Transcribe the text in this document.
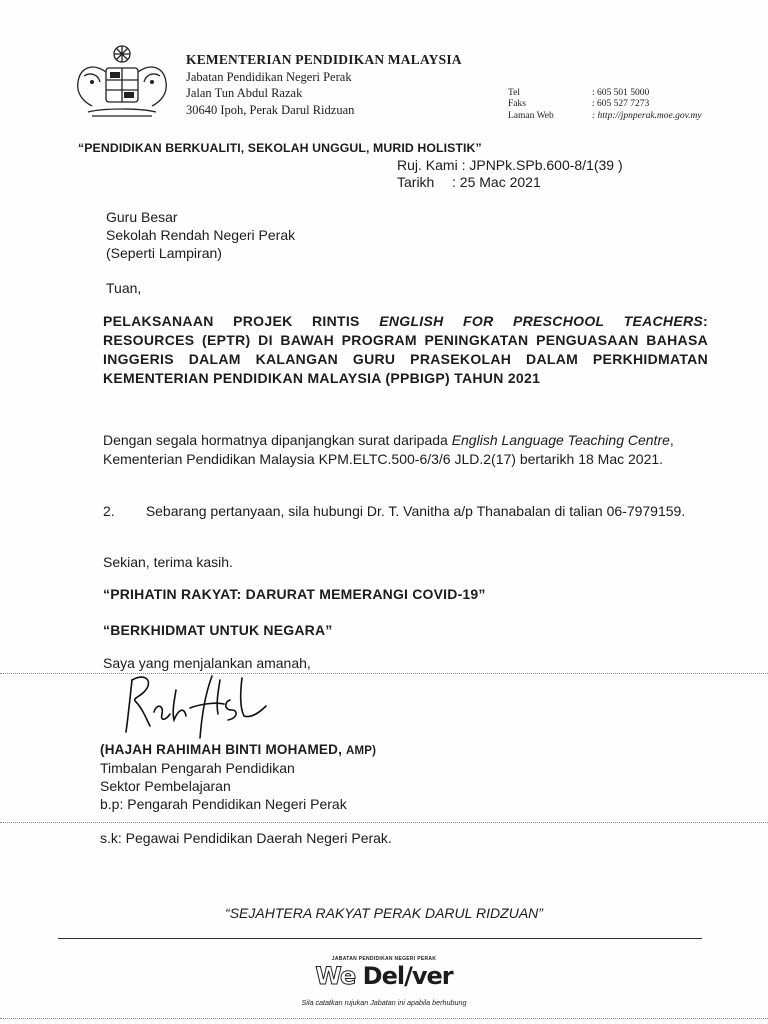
KEMENTERIAN PENDIDIKAN MALAYSIA
Jabatan Pendidikan Negeri Perak
Jalan Tun Abdul Razak
30640 Ipoh, Perak Darul Ridzuan
Tel	: 605 501 5000
Faks	: 605 527 7273
Laman Web	: http://jpnperak.moe.gov.my
“PENDIDIKAN BERKUALITI, SEKOLAH UNGGUL, MURID HOLISTIK”
Ruj. Kami : JPNPk.SPb.600-8/1(39 )
Tarikh : 25 Mac 2021
Guru Besar
Sekolah Rendah Negeri Perak
(Seperti Lampiran)
Tuan,
PELAKSANAAN PROJEK RINTIS ENGLISH FOR PRESCHOOL TEACHERS: RESOURCES (EPTR) DI BAWAH PROGRAM PENINGKATAN PENGUASAAN BAHASA INGGERIS DALAM KALANGAN GURU PRASEKOLAH DALAM PERKHIDMATAN KEMENTERIAN PENDIDIKAN MALAYSIA (PPBIGP) TAHUN 2021
Dengan segala hormatnya dipanjangkan surat daripada English Language Teaching Centre, Kementerian Pendidikan Malaysia KPM.ELTC.500-6/3/6 JLD.2(17) bertarikh 18 Mac 2021.
2. Sebarang pertanyaan, sila hubungi Dr. T. Vanitha a/p Thanabalan di talian 06-7979159.
Sekian, terima kasih.
“PRIHATIN RAKYAT: DARURAT MEMERANGI COVID-19”
“BERKHIDMAT UNTUK NEGARA”
Saya yang menjalankan amanah,
(HAJAH RAHIMAH BINTI MOHAMED, AMP)
Timbalan Pengarah Pendidikan
Sektor Pembelajaran
b.p: Pengarah Pendidikan Negeri Perak
s.k: Pegawai Pendidikan Daerah Negeri Perak.
“SEJAHTERA RAKYAT PERAK DARUL RIDZUAN”
JABATAN PENDIDIKAN NEGERI PERAK
We Del/ver
Sila catatkan rujukan Jabatan ini apabila berhubung
